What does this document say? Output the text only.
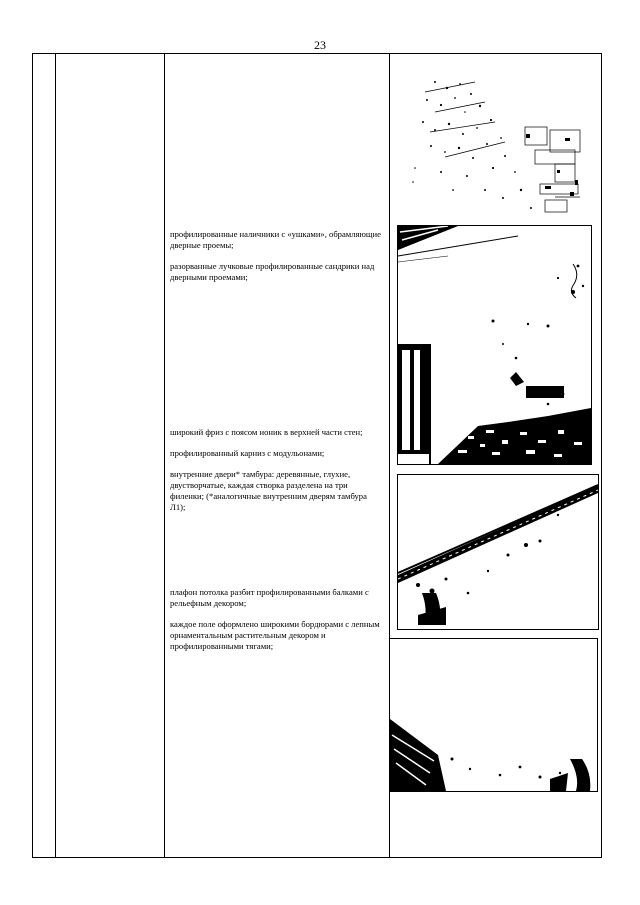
23

профилированные наличники с «ушками», обрамляющие дверные проемы;

разорванные лучковые профилированные сандрики над дверными проемами;

широкий фриз с поясом ионик в верхней части стен;

профилированный карниз с модульонами;

внутренние двери* тамбура: деревянные, глухие, двустворчатые, каждая створка разделена на три филенки; (*аналогичные внутренним дверям тамбура Л1);

плафон потолка разбит профилированными балками с рельефным декором;

каждое поле оформлено широкими бордюрами с лепным орнаментальным растительным декором и профилированными тягами;
